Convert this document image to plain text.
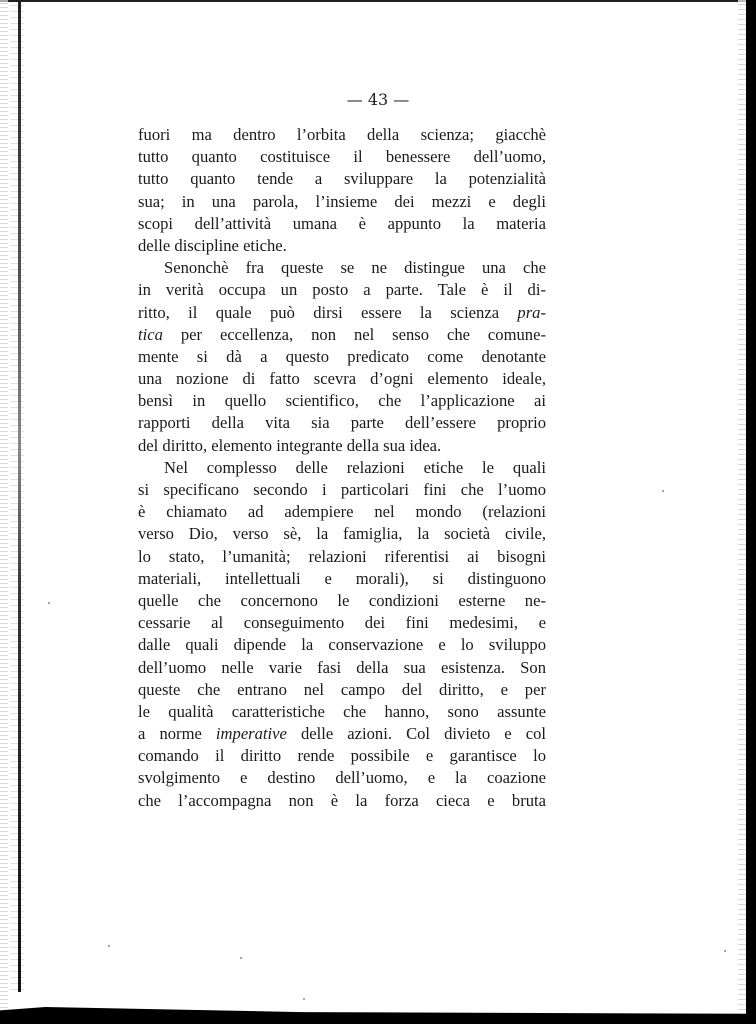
— 43 —
fuori ma dentro l’orbita della scienza; giacchè
tutto quanto costituisce il benessere dell’uomo,
tutto quanto tende a sviluppare la potenzialità
sua; in una parola, l’insieme dei mezzi e degli
scopi dell’attività umana è appunto la materia
delle discipline etiche.
Senonchè fra queste se ne distingue una che
in verità occupa un posto a parte. Tale è il di-
ritto, il quale può dirsi essere la scienza pra-
tica per eccellenza, non nel senso che comune-
mente si dà a questo predicato come denotante
una nozione di fatto scevra d’ogni elemento ideale,
bensì in quello scientifico, che l’applicazione ai
rapporti della vita sia parte dell’essere proprio
del diritto, elemento integrante della sua idea.
Nel complesso delle relazioni etiche le quali
si specificano secondo i particolari fini che l’uomo
è chiamato ad adempiere nel mondo (relazioni
verso Dio, verso sè, la famiglia, la società civile,
lo stato, l’umanità; relazioni riferentisi ai bisogni
materiali, intellettuali e morali), si distinguono
quelle che concernono le condizioni esterne ne-
cessarie al conseguimento dei fini medesimi, e
dalle quali dipende la conservazione e lo sviluppo
dell’uomo nelle varie fasi della sua esistenza. Son
queste che entrano nel campo del diritto, e per
le qualità caratteristiche che hanno, sono assunte
a norme imperative delle azioni. Col divieto e col
comando il diritto rende possibile e garantisce lo
svolgimento e destino dell’uomo, e la coazione
che l’accompagna non è la forza cieca e bruta
